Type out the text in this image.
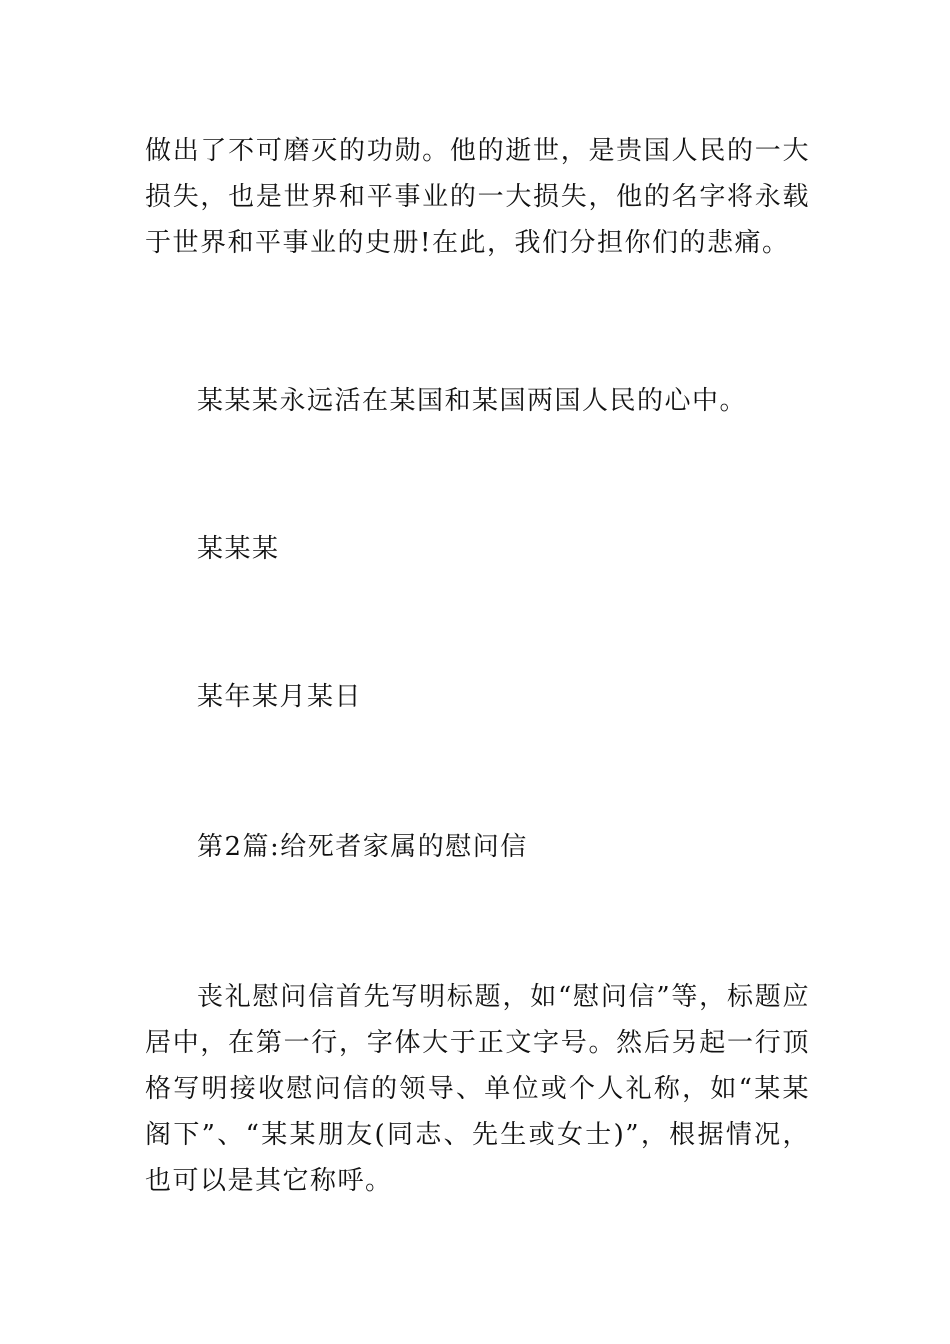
做出了不可磨灭的功勋。他的逝世，是贵国人民的一大损失，也是世界和平事业的一大损失，他的名字将永载于世界和平事业的史册!在此，我们分担你们的悲痛。

某某某永远活在某国和某国两国人民的心中。

某某某

某年某月某日

第2篇:给死者家属的慰问信

丧礼慰问信首先写明标题，如“慰问信”等，标题应居中，在第一行，字体大于正文字号。然后另起一行顶格写明接收慰问信的领导、单位或个人礼称，如“某某阁下”、“某某朋友(同志、先生或女士)”，根据情况，也可以是其它称呼。
